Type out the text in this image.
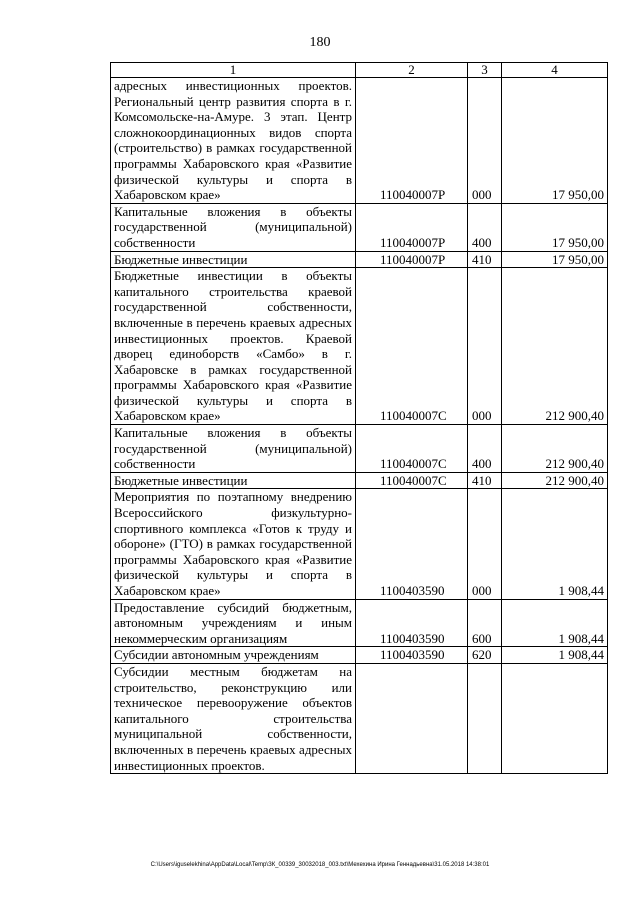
180
1	2	3	4
адресных инвестиционных проектов. Региональный центр развития спорта в г. Комсомольске-на-Амуре. 3 этап. Центр сложнокоординационных видов спорта (строительство) в рамках государственной программы Хабаровского края «Развитие физической культуры и спорта в Хабаровском крае»	110040007Р	000	17 950,00
Капитальные вложения в объекты государственной (муниципальной) собственности	110040007Р	400	17 950,00
Бюджетные инвестиции	110040007Р	410	17 950,00
Бюджетные инвестиции в объекты капитального строительства краевой государственной собственности, включенные в перечень краевых адресных инвестиционных проектов. Краевой дворец единоборств «Самбо» в г. Хабаровске в рамках государственной программы Хабаровского края «Развитие физической культуры и спорта в Хабаровском крае»	110040007С	000	212 900,40
Капитальные вложения в объекты государственной (муниципальной) собственности	110040007С	400	212 900,40
Бюджетные инвестиции	110040007С	410	212 900,40
Мероприятия по поэтапному внедрению Всероссийского физкультурно-спортивного комплекса «Готов к труду и обороне» (ГТО) в рамках государственной программы Хабаровского края «Развитие физической культуры и спорта в Хабаровском крае»	1100403590	000	1 908,44
Предоставление субсидий бюджетным, автономным учреждениям и иным некоммерческим организациям	1100403590	600	1 908,44
Субсидии автономным учреждениям	1100403590	620	1 908,44
Субсидии местным бюджетам на строительство, реконструкцию или техническое перевооружение объектов капитального строительства муниципальной собственности, включенных в перечень краевых адресных инвестиционных проектов.			
C:\Users\iguselekhina\AppData\Local\Temp\ЗК_00339_30032018_003.txt\Мехехина Ирина Геннадьевна\31.05.2018 14:38:01
